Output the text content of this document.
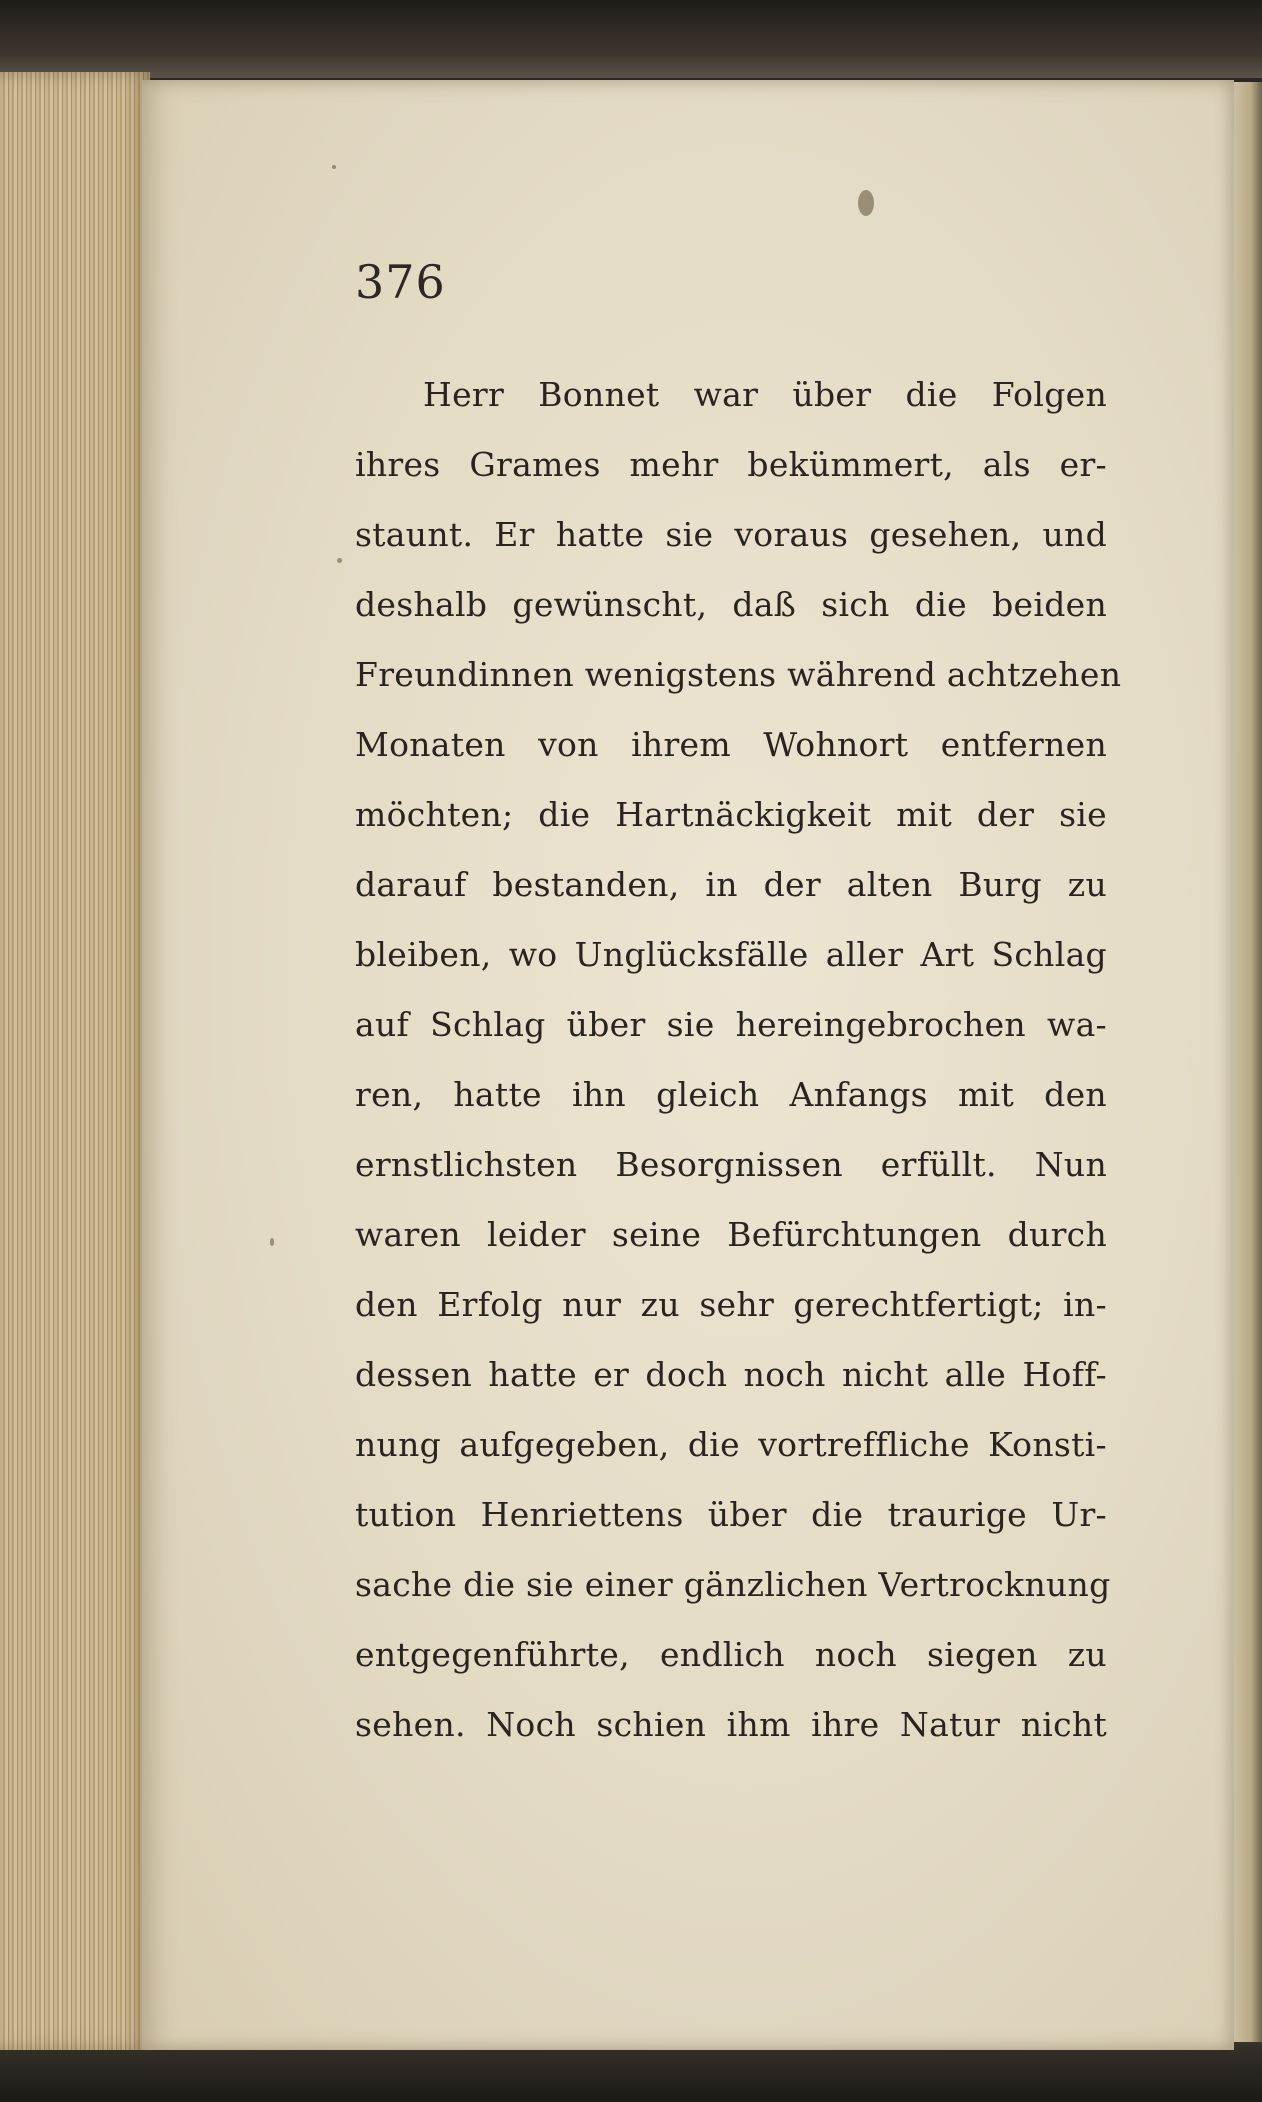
376

Herr Bonnet war über die Folgen
ihres Grames mehr bekümmert, als er-
staunt. Er hatte sie voraus gesehen, und
deshalb gewünscht, daß sich die beiden
Freundinnen wenigstens während achtzehen
Monaten von ihrem Wohnort entfernen
möchten; die Hartnäckigkeit mit der sie
darauf bestanden, in der alten Burg zu
bleiben, wo Unglücksfälle aller Art Schlag
auf Schlag über sie hereingebrochen wa-
ren, hatte ihn gleich Anfangs mit den
ernstlichsten Besorgnissen erfüllt. Nun
waren leider seine Befürchtungen durch
den Erfolg nur zu sehr gerechtfertigt; in-
dessen hatte er doch noch nicht alle Hoff-
nung aufgegeben, die vortreffliche Konsti-
tution Henriettens über die traurige Ur-
sache die sie einer gänzlichen Vertrocknung
entgegenführte, endlich noch siegen zu
sehen. Noch schien ihm ihre Natur nicht
